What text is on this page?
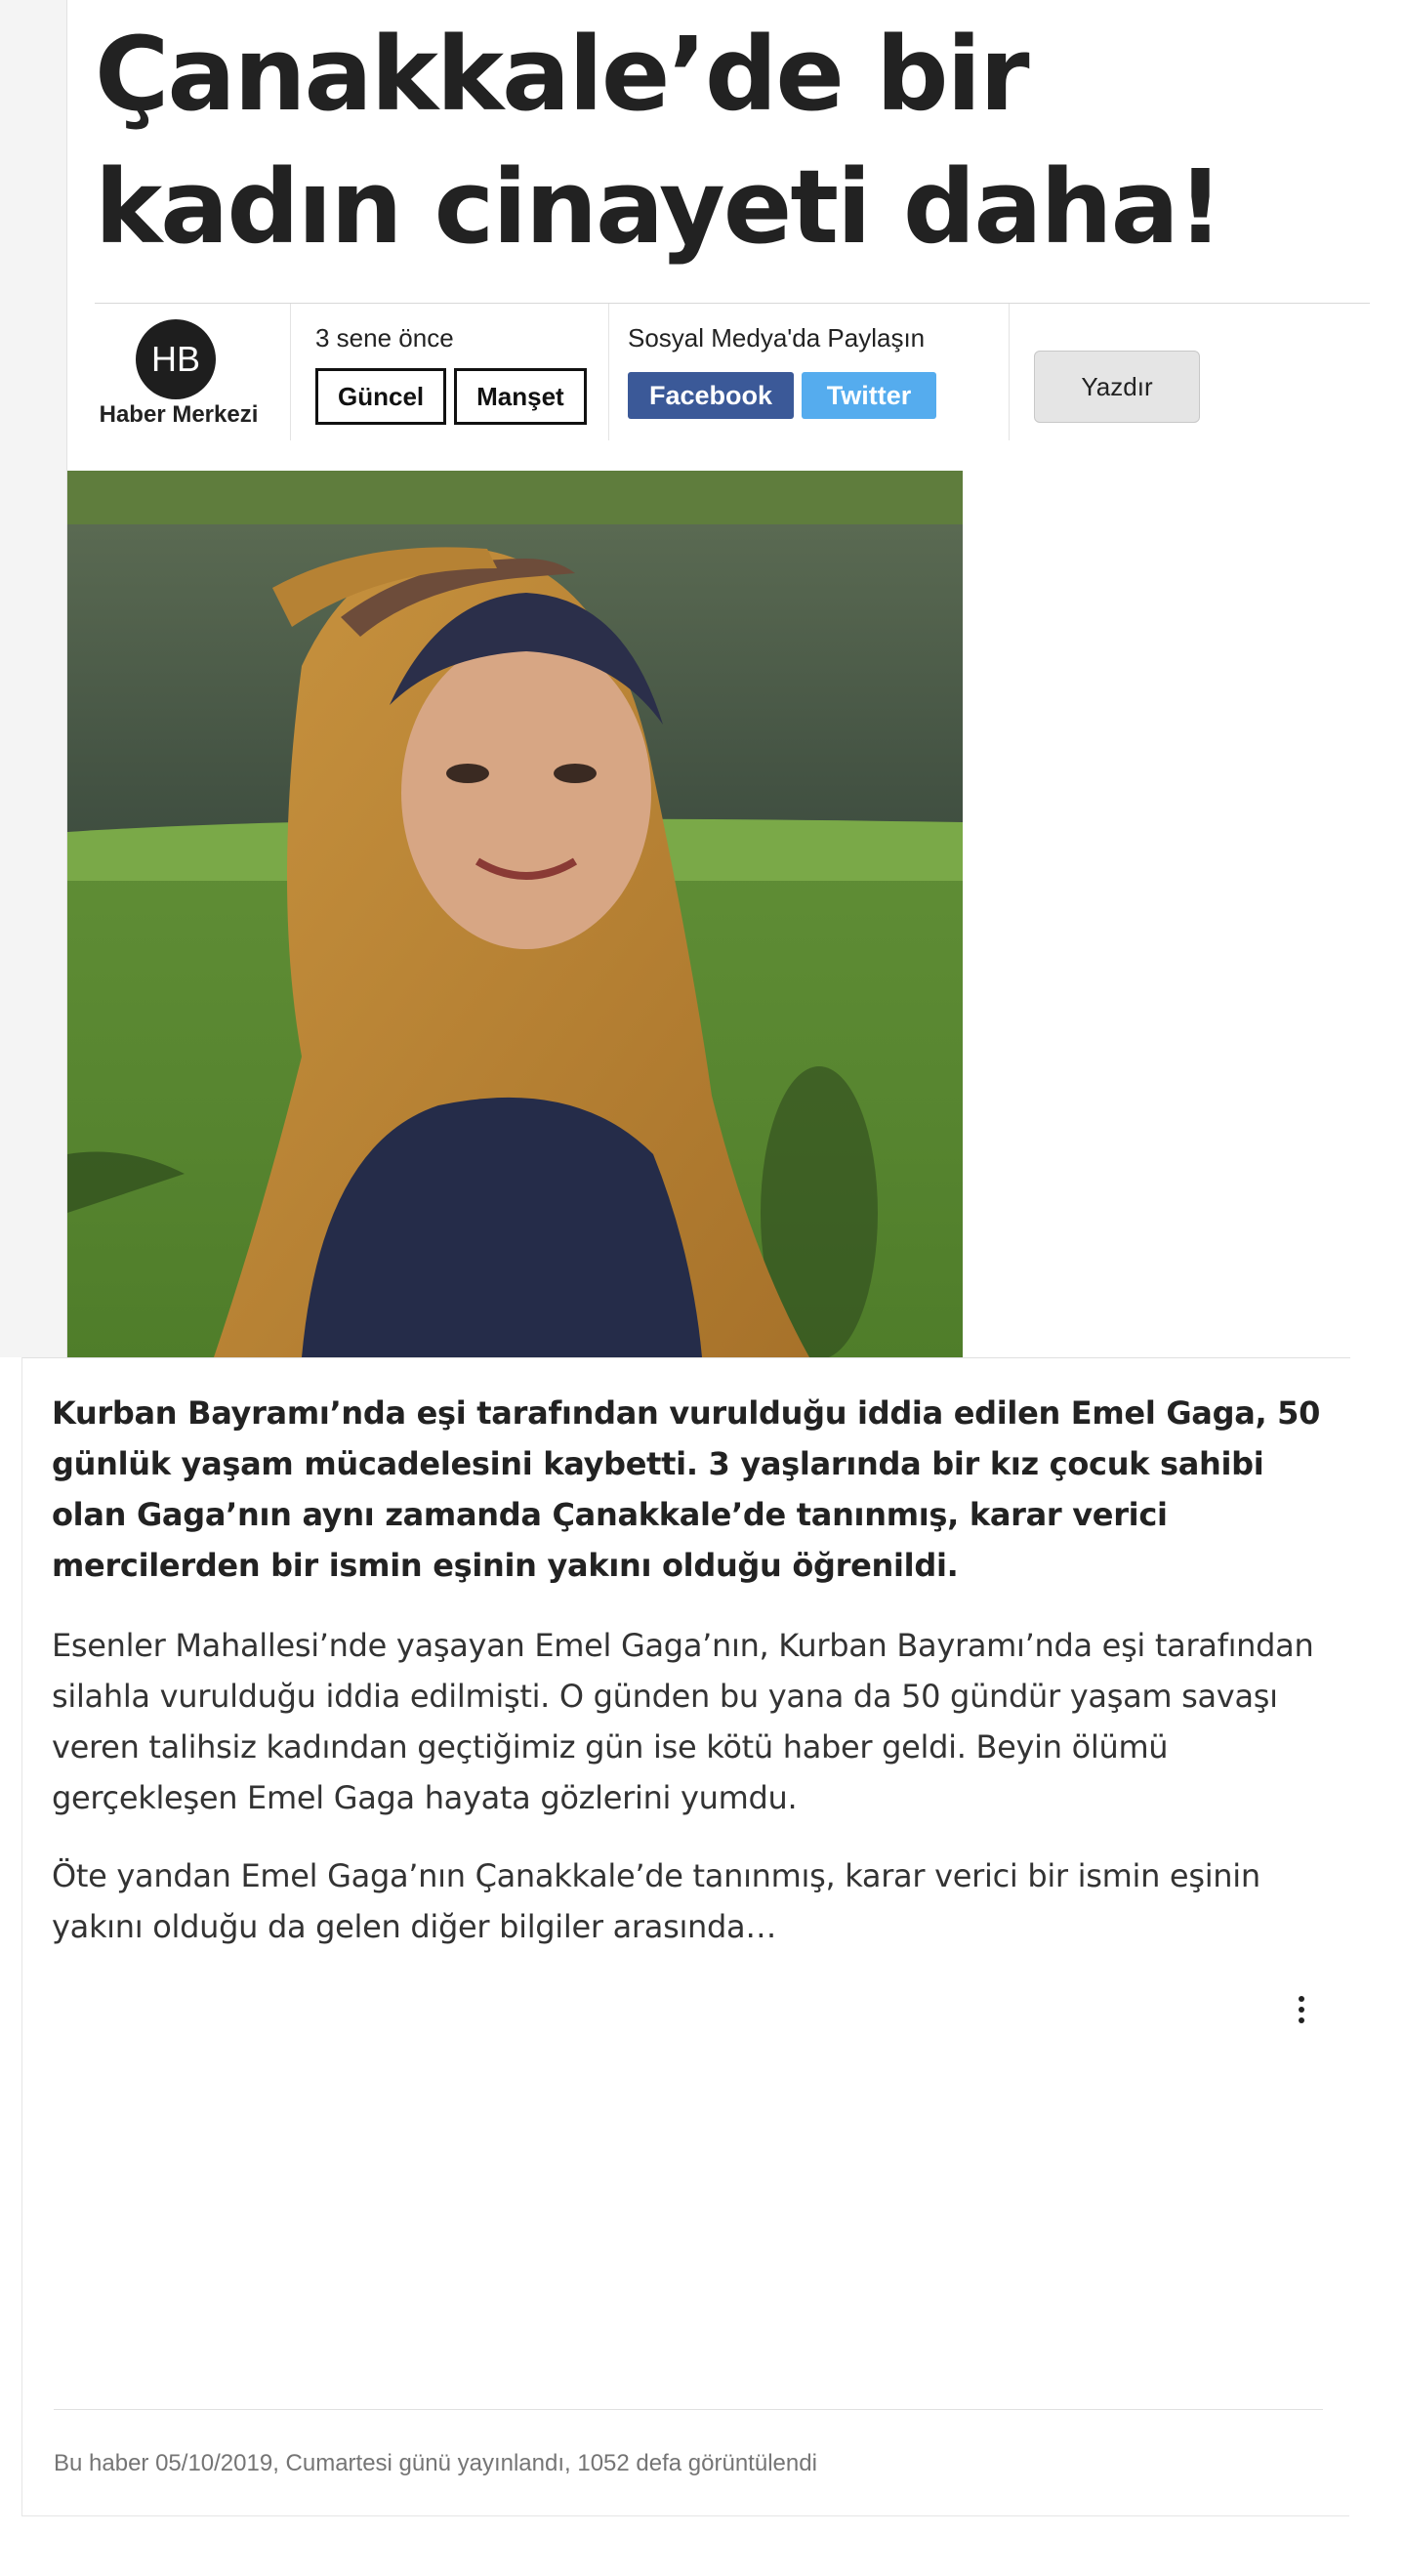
Çanakkale’de bir kadın cinayeti daha!
HB
Haber Merkezi
3 sene önce
Güncel	Manşet
Sosyal Medya'da Paylaşın
Facebook	Twitter	Yazdır

Kurban Bayramı’nda eşi tarafından vurulduğu iddia edilen Emel Gaga, 50 günlük yaşam mücadelesini kaybetti. 3 yaşlarında bir kız çocuk sahibi olan Gaga’nın aynı zamanda Çanakkale’de tanınmış, karar verici mercilerden bir ismin eşinin yakını olduğu öğrenildi.

Esenler Mahallesi’nde yaşayan Emel Gaga’nın, Kurban Bayramı’nda eşi tarafından silahla vurulduğu iddia edilmişti. O günden bu yana da 50 gündür yaşam savaşı veren talihsiz kadından geçtiğimiz gün ise kötü haber geldi. Beyin ölümü gerçekleşen Emel Gaga hayata gözlerini yumdu.

Öte yandan Emel Gaga’nın Çanakkale’de tanınmış, karar verici bir ismin eşinin yakını olduğu da gelen diğer bilgiler arasında…

Bu haber 05/10/2019, Cumartesi günü yayınlandı, 1052 defa görüntülendi
